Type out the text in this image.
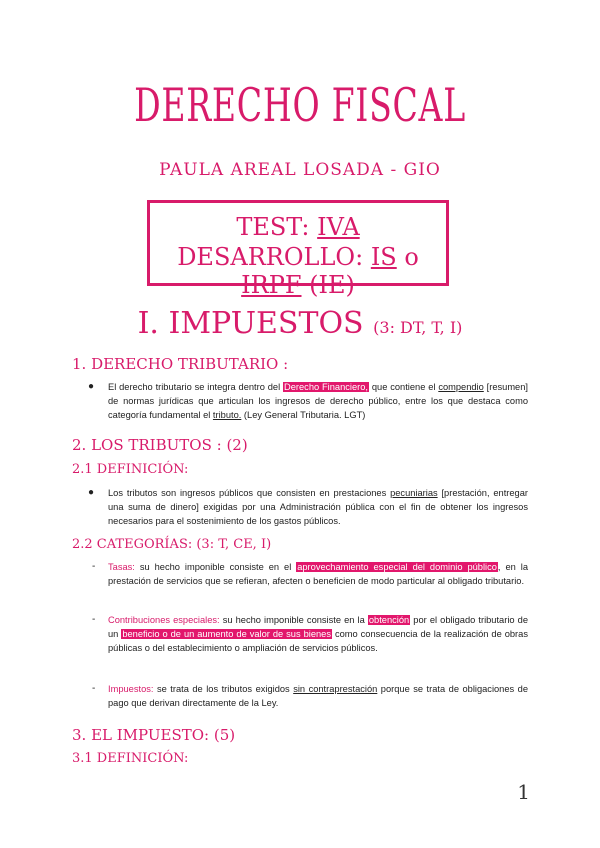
DERECHO FISCAL
PAULA AREAL LOSADA - GIO
TEST: IVA
DESARROLLO: IS o IRPF (IE)
I. IMPUESTOS (3: DT, T, I)
1. DERECHO TRIBUTARIO :
● El derecho tributario se integra dentro del Derecho Financiero, que contiene el compendio [resumen] de normas jurídicas que articulan los ingresos de derecho público, entre los que destaca como categoría fundamental el tributo. (Ley General Tributaria. LGT)
2. LOS TRIBUTOS : (2)
2.1 DEFINICIÓN:
● Los tributos son ingresos públicos que consisten en prestaciones pecuniarias [prestación, entregar una suma de dinero] exigidas por una Administración pública con el fin de obtener los ingresos necesarios para el sostenimiento de los gastos públicos.
2.2 CATEGORÍAS: (3: T, CE, I)
- Tasas: su hecho imponible consiste en el aprovechamiento especial del dominio público, en la prestación de servicios que se refieran, afecten o beneficien de modo particular al obligado tributario.
- Contribuciones especiales: su hecho imponible consiste en la obtención por el obligado tributario de un beneficio o de un aumento de valor de sus bienes como consecuencia de la realización de obras públicas o del establecimiento o ampliación de servicios públicos.
- Impuestos: se trata de los tributos exigidos sin contraprestación porque se trata de obligaciones de pago que derivan directamente de la Ley.
3. EL IMPUESTO: (5)
3.1 DEFINICIÓN:
1
